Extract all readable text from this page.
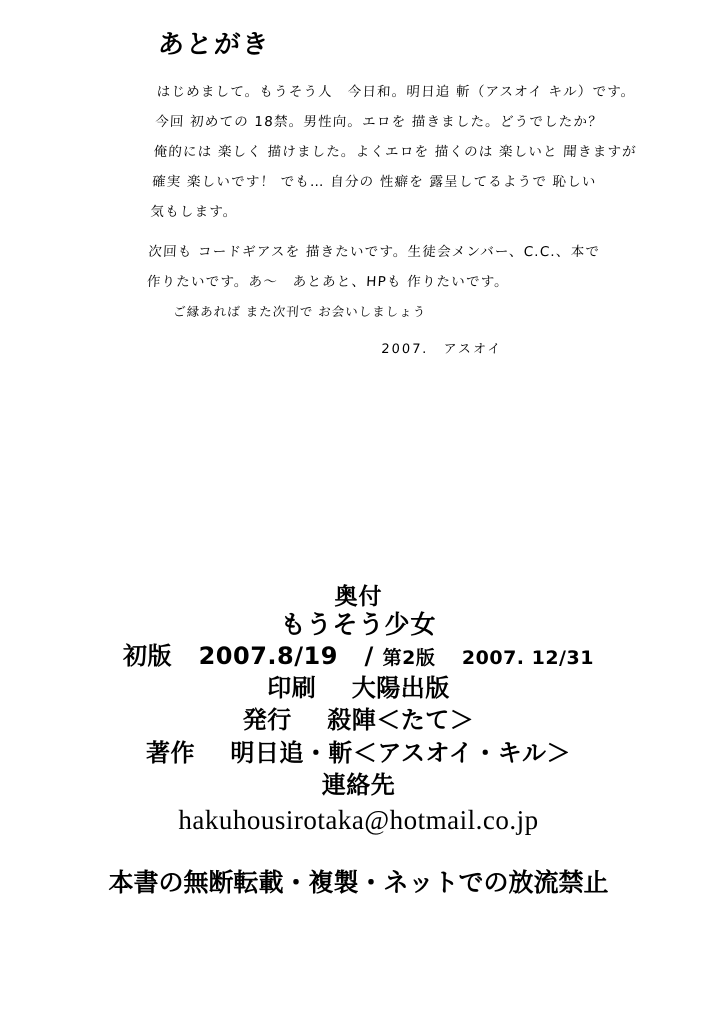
あとがき
はじめまして。もうそう人　今日和。明日追 斬（アスオイ キル）です。
今回 初めての 18禁。男性向。エロを 描きました。どうでしたか？
俺的には 楽しく 描けました。よくエロを 描くのは 楽しいと 聞きますが
確実 楽しいです！ でも… 自分の 性癖を 露呈してるようで 恥しい
気もします。
次回も コードギアスを 描きたいです。生徒会メンバー、C.C.、本で
作りたいです。あ～　あとあと、HPも 作りたいです。
ご縁あれば また次刊で お会いしましょう
2007.　アスオイ
奥付
もうそう少女
初版 2007.8/19 / 第2版 2007. 12/31
印刷 大陽出版
発行 殺陣＜たて＞
著作 明日追・斬＜アスオイ・キル＞
連絡先
hakuhousirotaka@hotmail.co.jp
本書の無断転載・複製・ネットでの放流禁止
